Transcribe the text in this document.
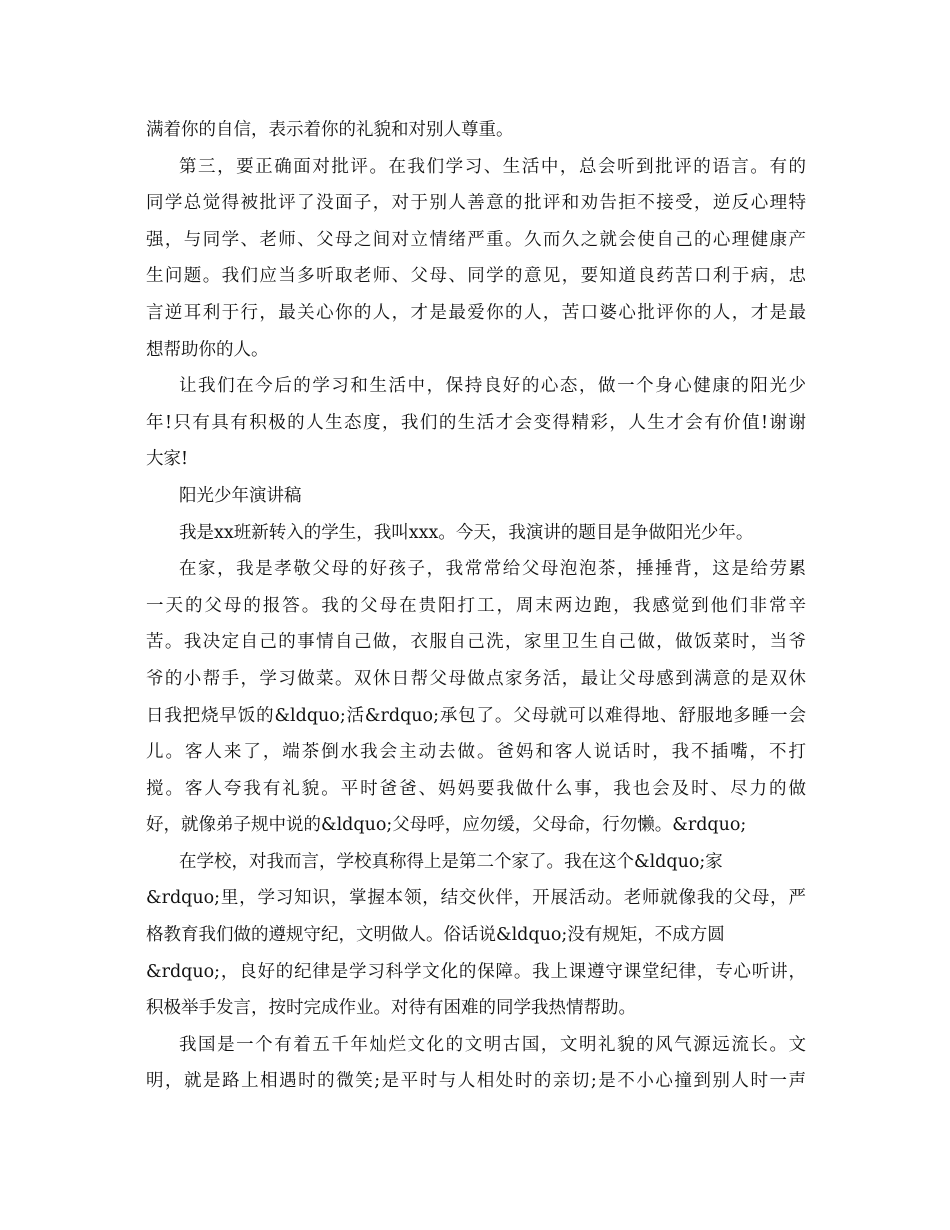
满着你的自信，表示着你的礼貌和对别人尊重。
第三，要正确面对批评。在我们学习、生活中，总会听到批评的语言。有的
同学总觉得被批评了没面子，对于别人善意的批评和劝告拒不接受，逆反心理特
强，与同学、老师、父母之间对立情绪严重。久而久之就会使自己的心理健康产
生问题。我们应当多听取老师、父母、同学的意见，要知道良药苦口利于病，忠
言逆耳利于行，最关心你的人，才是最爱你的人，苦口婆心批评你的人，才是最
想帮助你的人。
让我们在今后的学习和生活中，保持良好的心态，做一个身心健康的阳光少
年!只有具有积极的人生态度，我们的生活才会变得精彩，人生才会有价值!谢谢
大家!
阳光少年演讲稿
我是xx班新转入的学生，我叫xxx。今天，我演讲的题目是争做阳光少年。
在家，我是孝敬父母的好孩子，我常常给父母泡泡茶，捶捶背，这是给劳累
一天的父母的报答。我的父母在贵阳打工，周末两边跑，我感觉到他们非常辛
苦。我决定自己的事情自己做，衣服自己洗，家里卫生自己做，做饭菜时，当爷
爷的小帮手，学习做菜。双休日帮父母做点家务活，最让父母感到满意的是双休
日我把烧早饭的&ldquo;活&rdquo;承包了。父母就可以难得地、舒服地多睡一会
儿。客人来了，端茶倒水我会主动去做。爸妈和客人说话时，我不插嘴，不打
搅。客人夸我有礼貌。平时爸爸、妈妈要我做什么事，我也会及时、尽力的做
好，就像弟子规中说的&ldquo;父母呼，应勿缓，父母命，行勿懒。&rdquo;
在学校，对我而言，学校真称得上是第二个家了。我在这个&ldquo;家
&rdquo;里，学习知识，掌握本领，结交伙伴，开展活动。老师就像我的父母，严
格教育我们做的遵规守纪，文明做人。俗话说&ldquo;没有规矩，不成方圆
&rdquo;，良好的纪律是学习科学文化的保障。我上课遵守课堂纪律，专心听讲，
积极举手发言，按时完成作业。对待有困难的同学我热情帮助。
我国是一个有着五千年灿烂文化的文明古国，文明礼貌的风气源远流长。文
明，就是路上相遇时的微笑;是平时与人相处时的亲切;是不小心撞到别人时一声
